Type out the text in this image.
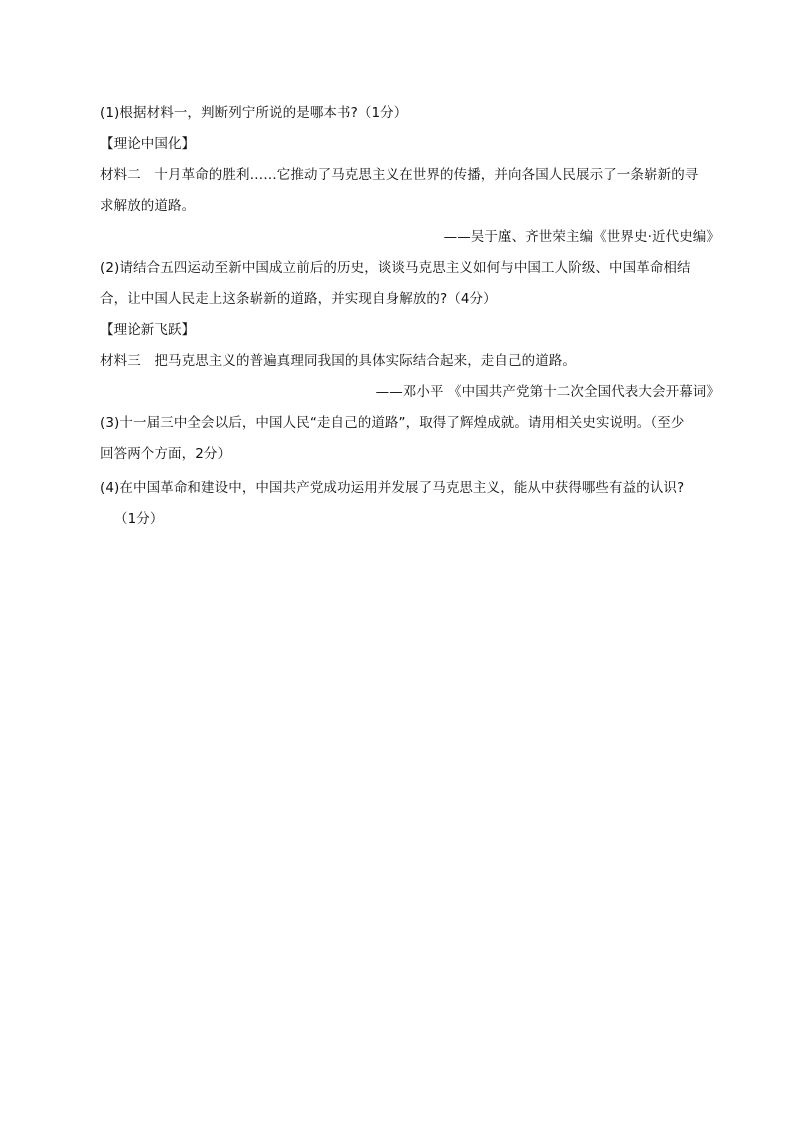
(1)根据材料一，判断列宁所说的是哪本书?（1分）
【理论中国化】
材料二　十月革命的胜利……它推动了马克思主义在世界的传播，并向各国人民展示了一条崭新的寻
求解放的道路。
——吴于廑、齐世荣主编《世界史·近代史编》
(2)请结合五四运动至新中国成立前后的历史，谈谈马克思主义如何与中国工人阶级、中国革命相结
合，让中国人民走上这条崭新的道路，并实现自身解放的?（4分）
【理论新飞跃】
材料三　把马克思主义的普遍真理同我国的具体实际结合起来，走自己的道路。
——邓小平 《中国共产党第十二次全国代表大会开幕词》
(3)十一届三中全会以后，中国人民“走自己的道路”，取得了辉煌成就。请用相关史实说明。（至少
回答两个方面，2分）
(4)在中国革命和建设中，中国共产党成功运用并发展了马克思主义，能从中获得哪些有益的认识?
（1分）
